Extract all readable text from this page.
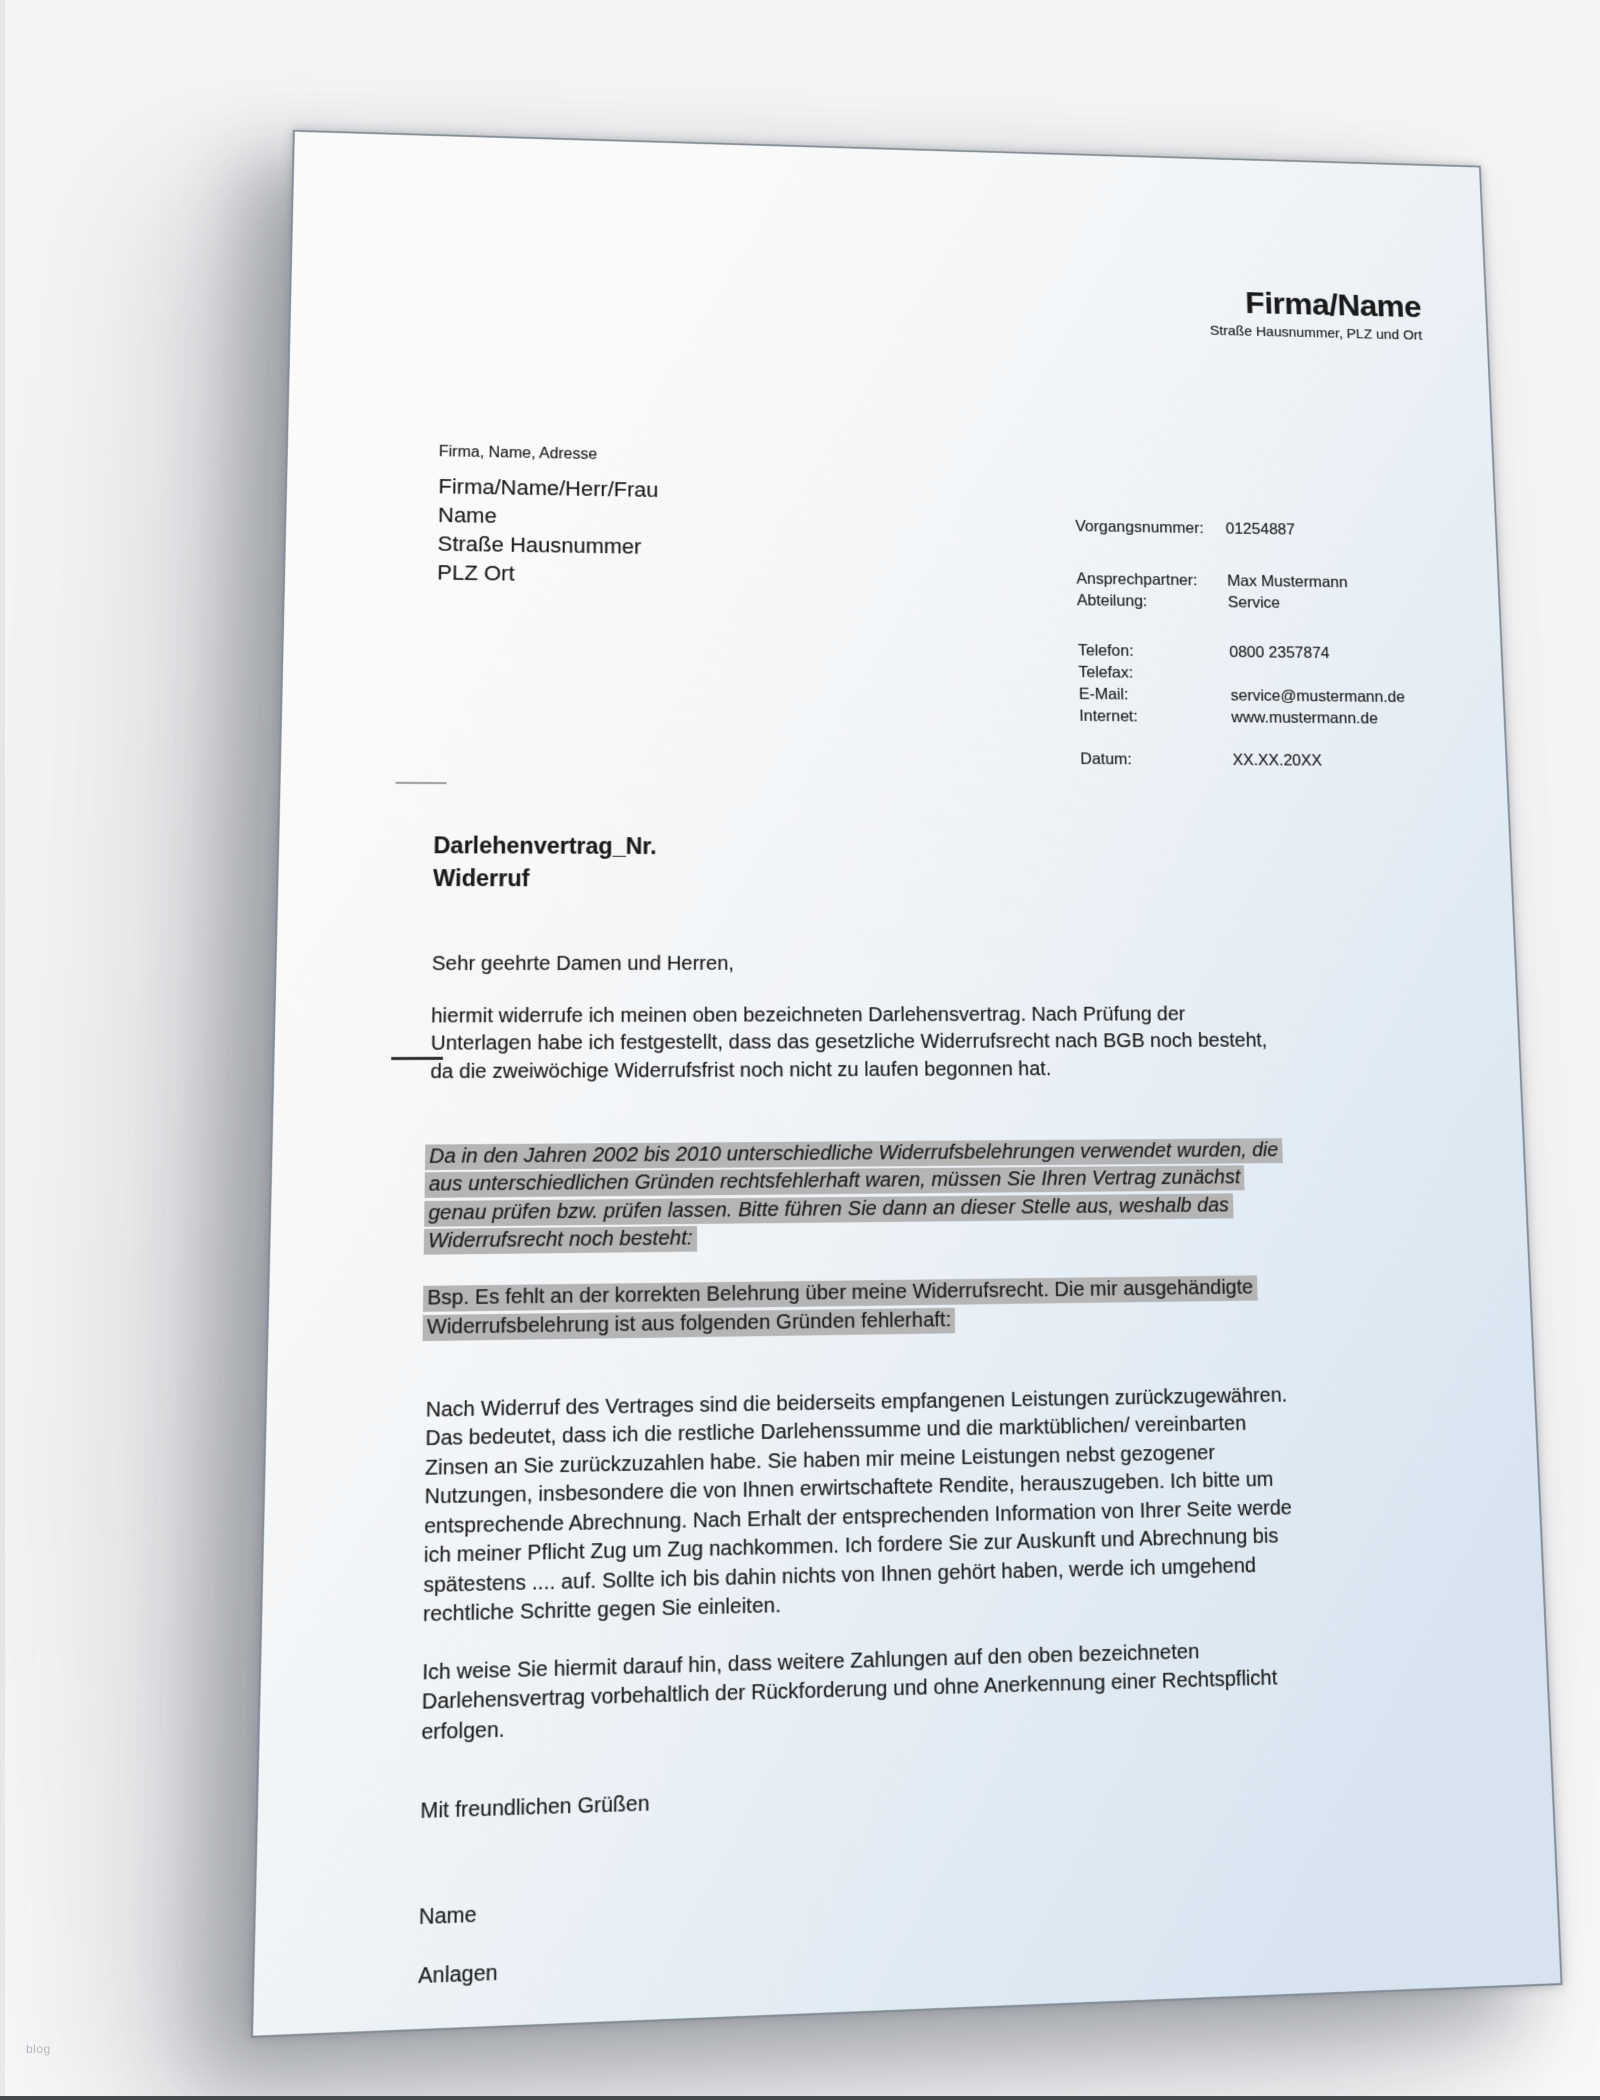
Firma/Name
Straße Hausnummer, PLZ und Ort
Firma, Name, Adresse
Firma/Name/Herr/Frau
Name
Straße Hausnummer
PLZ Ort
Vorgangsnummer:	01254887
Ansprechpartner:	Max Mustermann
Abteilung:	Service
Telefon:	0800 2357874
Telefax:
E-Mail:	service@mustermann.de
Internet:	www.mustermann.de
Datum:	XX.XX.20XX
Darlehenvertrag_Nr.
Widerruf
Sehr geehrte Damen und Herren,
hiermit widerrufe ich meinen oben bezeichneten Darlehensvertrag. Nach Prüfung der
Unterlagen habe ich festgestellt, dass das gesetzliche Widerrufsrecht nach BGB noch besteht,
da die zweiwöchige Widerrufsfrist noch nicht zu laufen begonnen hat.

Da in den Jahren 2002 bis 2010 unterschiedliche Widerrufsbelehrungen verwendet wurden, die
aus unterschiedlichen Gründen rechtsfehlerhaft waren, müssen Sie Ihren Vertrag zunächst
genau prüfen bzw. prüfen lassen. Bitte führen Sie dann an dieser Stelle aus, weshalb das
Widerrufsrecht noch besteht:

Bsp. Es fehlt an der korrekten Belehrung über meine Widerrufsrecht. Die mir ausgehändigte
Widerrufsbelehrung ist aus folgenden Gründen fehlerhaft:

Nach Widerruf des Vertrages sind die beiderseits empfangenen Leistungen zurückzugewähren.
Das bedeutet, dass ich die restliche Darlehenssumme und die marktüblichen/ vereinbarten
Zinsen an Sie zurückzuzahlen habe. Sie haben mir meine Leistungen nebst gezogener
Nutzungen, insbesondere die von Ihnen erwirtschaftete Rendite, herauszugeben. Ich bitte um
entsprechende Abrechnung. Nach Erhalt der entsprechenden Information von Ihrer Seite werde
ich meiner Pflicht Zug um Zug nachkommen. Ich fordere Sie zur Auskunft und Abrechnung bis
spätestens .... auf. Sollte ich bis dahin nichts von Ihnen gehört haben, werde ich umgehend
rechtliche Schritte gegen Sie einleiten.
Ich weise Sie hiermit darauf hin, dass weitere Zahlungen auf den oben bezeichneten
Darlehensvertrag vorbehaltlich der Rückforderung und ohne Anerkennung einer Rechtspflicht
erfolgen.
Mit freundlichen Grüßen
Name
Anlagen
blog
